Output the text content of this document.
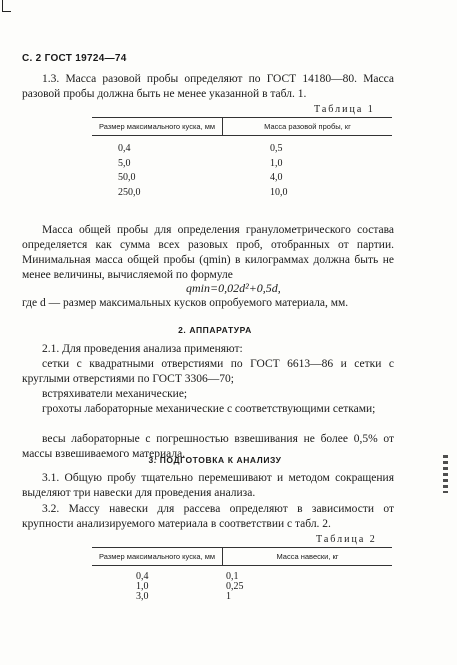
С. 2 ГОСТ 19724—74

1.3. Масса разовой пробы определяют по ГОСТ 14180—80. Масса разовой пробы должна быть не менее указанной в табл. 1.

Таблица 1
Размер максимального куска, мм	Масса разовой пробы, кг
0,4	0,5
5,0	1,0
50,0	4,0
250,0	10,0

Масса общей пробы для определения гранулометрического состава определяется как сумма всех разовых проб, отобранных от партии. Минимальная масса общей пробы (qmin) в килограммах должна быть не менее величины, вычисляемой по формуле

qmin=0,02d²+0,5d,

где d — размер максимальных кусков опробуемого материала, мм.

2. АППАРАТУРА

2.1. Для проведения анализа применяют:

сетки с квадратными отверстиями по ГОСТ 6613—86 и сетки с круглыми отверстиями по ГОСТ 3306—70;

встряхиватели механические;

грохоты лабораторные механические с соответствующими сетками;

весы лабораторные с погрешностью взвешивания не более 0,5% от массы взвешиваемого материала.

3. ПОДГОТОВКА К АНАЛИЗУ

3.1. Общую пробу тщательно перемешивают и методом сокращения выделяют три навески для проведения анализа.

3.2. Массу навески для рассева определяют в зависимости от крупности анализируемого материала в соответствии с табл. 2.

Таблица 2
Размер максимального куска, мм	Масса навески, кг
0,4	0,1
1,0	0,25
3,0	1
